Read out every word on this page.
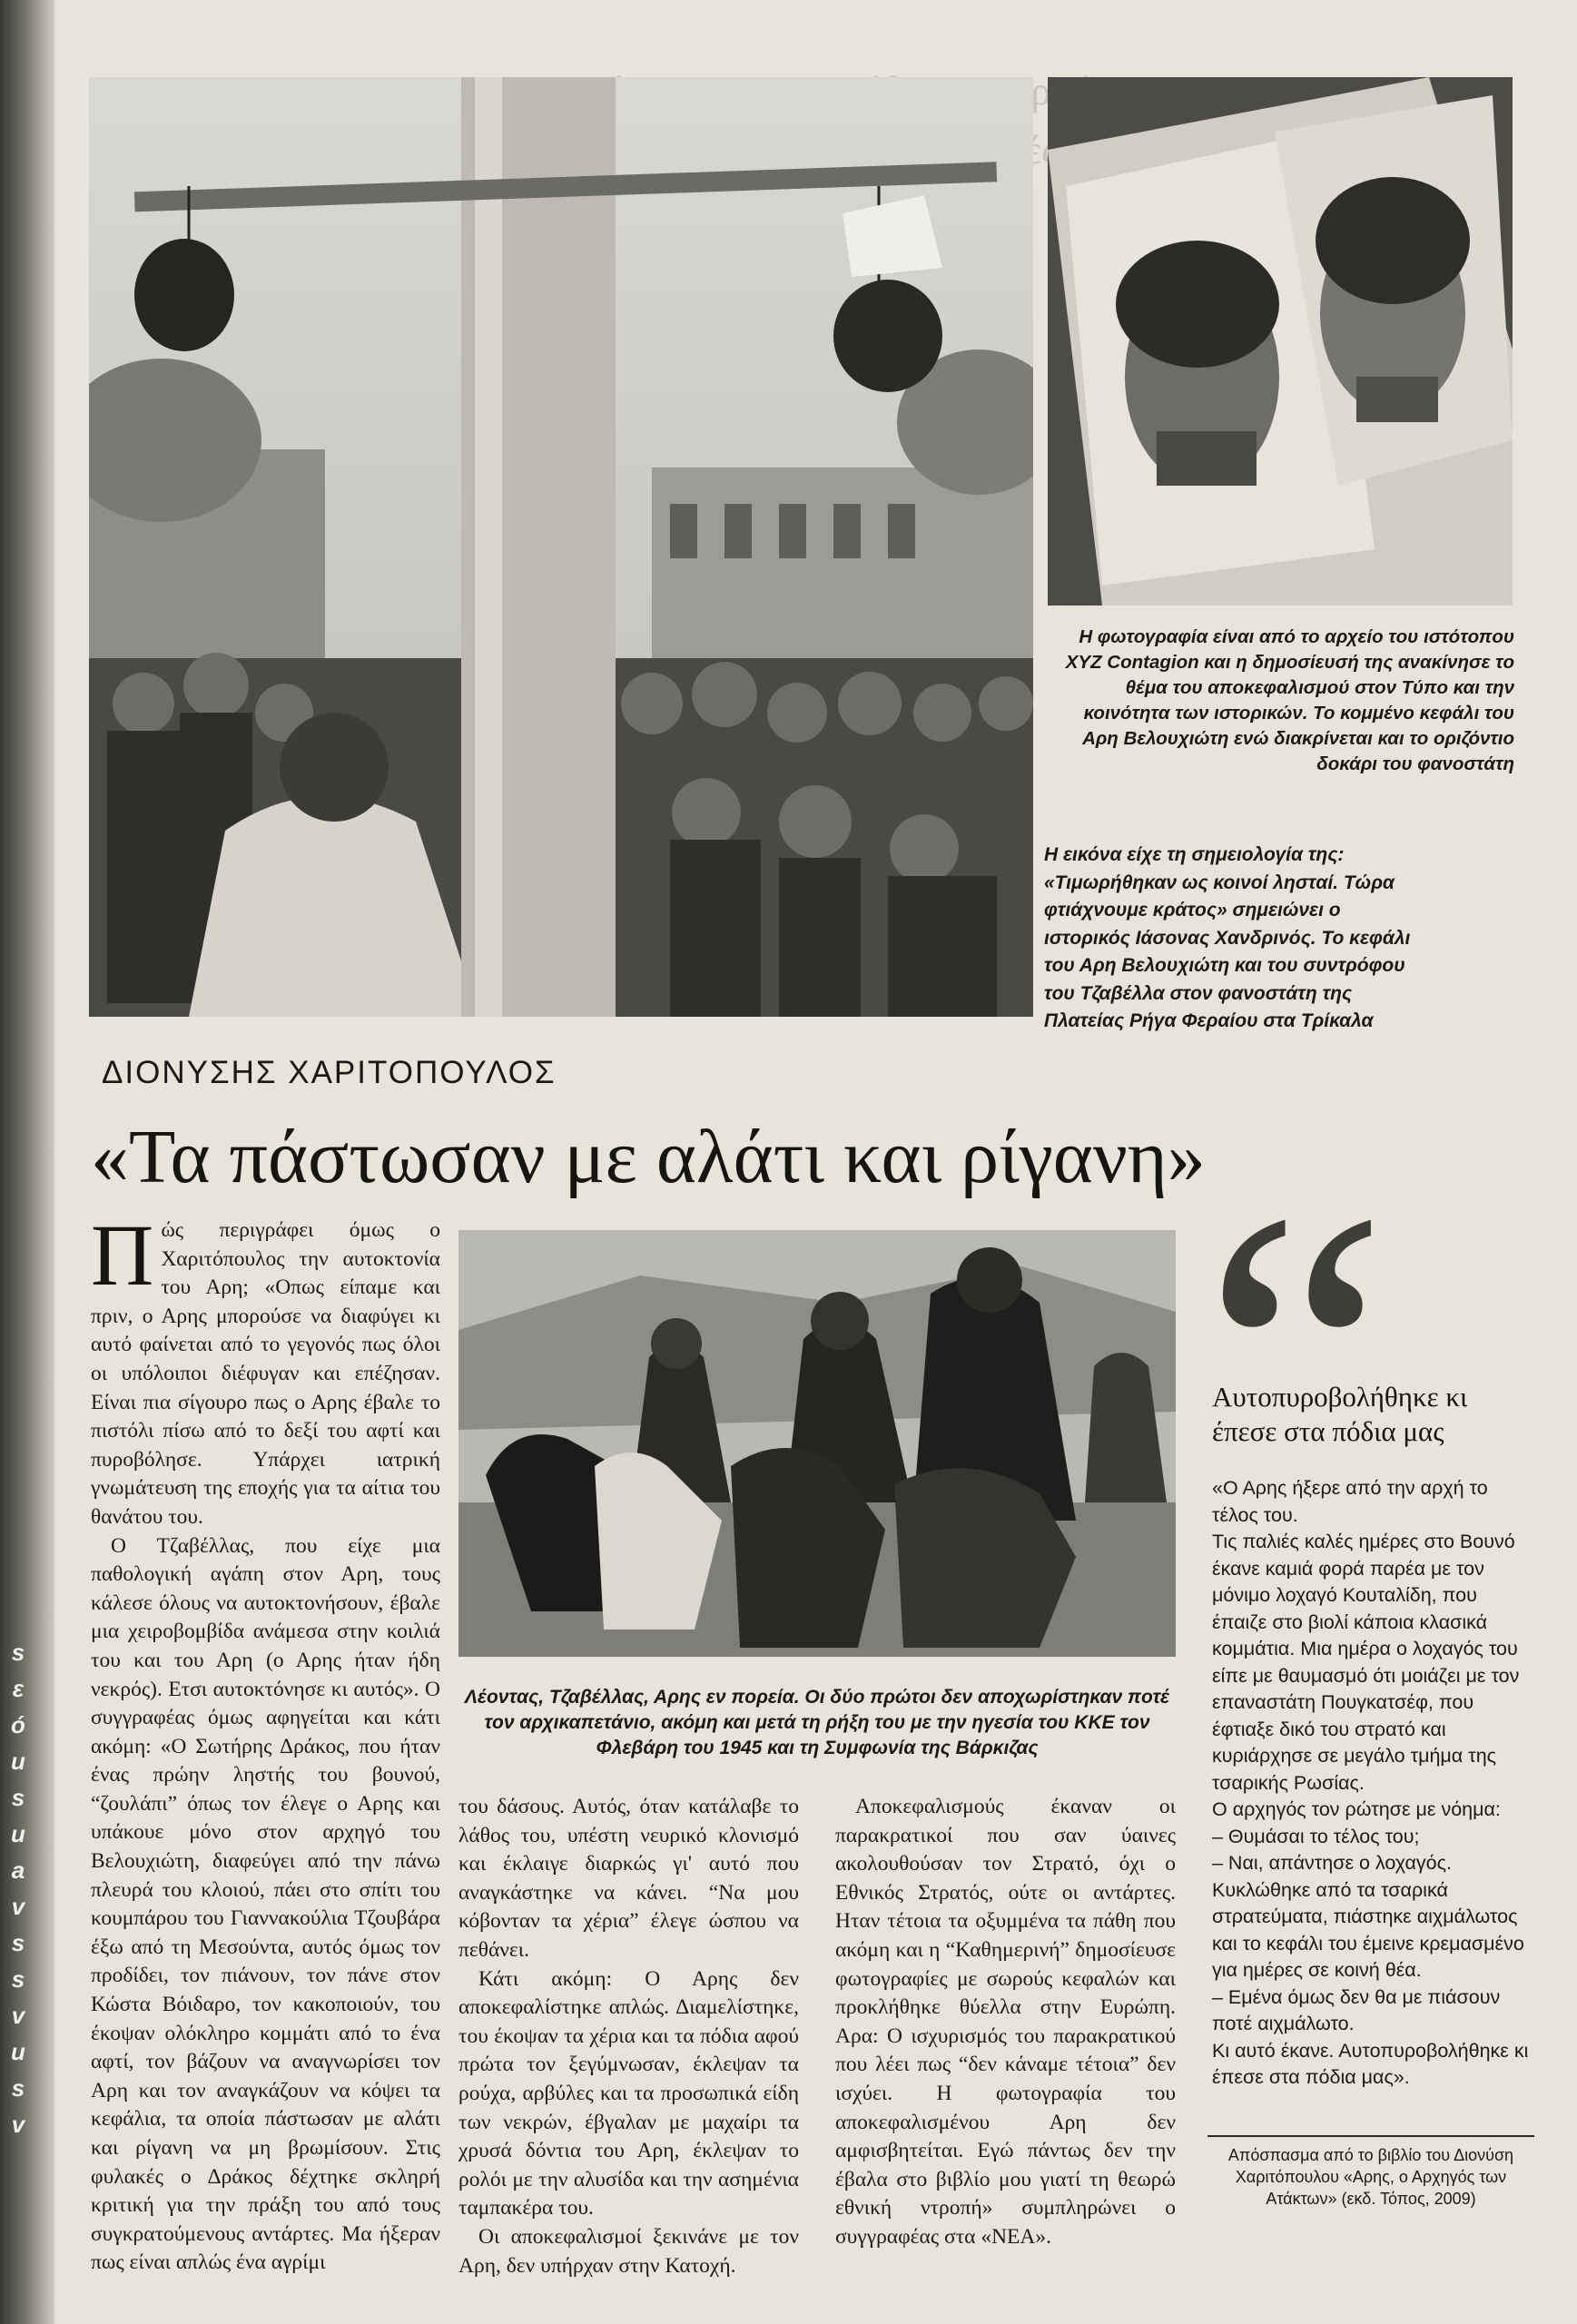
s
ε
ó
u
s
u
a
v
s
s
v
u
s
v
Η φωτογραφία είναι από το αρχείο του ιστότοπου XYZ Contagion και η δημοσίευσή της ανακίνησε το θέμα του αποκεφαλισμού στον Τύπο και την κοινότητα των ιστορικών. Το κομμένο κεφάλι του Αρη Βελουχιώτη ενώ διακρίνεται και το οριζόντιο δοκάρι του φανοστάτη
Η εικόνα είχε τη σημειολογία της: «Τιμωρήθηκαν ως κοινοί λησταί. Τώρα φτιάχνουμε κράτος» σημειώνει ο ιστορικός Ιάσονας Χανδρινός. Το κεφάλι του Αρη Βελουχιώτη και του συντρόφου του Τζαβέλλα στον φανοστάτη της Πλατείας Ρήγα Φεραίου στα Τρίκαλα
ΔΙΟΝΥΣΗΣ ΧΑΡΙΤΟΠΟΥΛΟΣ
«Τα πάστωσαν με αλάτι και ρίγανη»
Λέοντας, Τζαβέλλας, Αρης εν πορεία. Οι δύο πρώτοι δεν αποχωρίστηκαν ποτέ τον αρχικαπετάνιο, ακόμη και μετά τη ρήξη του με την ηγεσία του ΚΚΕ τον Φλεβάρη του 1945 και τη Συμφωνία της Βάρκιζας

Πώς περιγράφει όμως ο Χαριτόπουλος την αυτοκτονία του Αρη; «Οπως είπαμε και πριν, ο Αρης μπορούσε να διαφύγει κι αυτό φαίνεται από το γεγονός πως όλοι οι υπόλοιποι διέφυγαν και επέζησαν. Είναι πια σίγουρο πως ο Αρης έβαλε το πιστόλι πίσω από το δεξί του αφτί και πυροβόλησε. Υπάρχει ιατρική γνωμάτευση της εποχής για τα αίτια του θανάτου του.

Ο Τζαβέλλας, που είχε μια παθολογική αγάπη στον Αρη, τους κάλεσε όλους να αυτοκτονήσουν, έβαλε μια χειροβομβίδα ανάμεσα στην κοιλιά του και του Αρη (ο Αρης ήταν ήδη νεκρός). Ετσι αυτοκτόνησε κι αυτός». Ο συγγραφέας όμως αφηγείται και κάτι ακόμη: «Ο Σωτήρης Δράκος, που ήταν ένας πρώην ληστής του βουνού, “ζουλάπι” όπως τον έλεγε ο Αρης και υπάκουε μόνο στον αρχηγό του Βελουχιώτη, διαφεύγει από την πάνω πλευρά του κλοιού, πάει στο σπίτι του κουμπάρου του Γιαννακούλια Τζουβάρα έξω από τη Μεσούντα, αυτός όμως τον προδίδει, τον πιάνουν, τον πάνε στον Κώστα Βόιδαρο, τον κακοποιούν, του έκοψαν ολόκληρο κομμάτι από το ένα αφτί, τον βάζουν να αναγνωρίσει τον Αρη και τον αναγκάζουν να κόψει τα κεφάλια, τα οποία πάστωσαν με αλάτι και ρίγανη να μη βρωμίσουν. Στις φυλακές ο Δράκος δέχτηκε σκληρή κριτική για την πράξη του από τους συγκρατούμενους αντάρτες. Μα ήξεραν πως είναι απλώς ένα αγρίμι

του δάσους. Αυτός, όταν κατάλαβε το λάθος του, υπέστη νευρικό κλονισμό και έκλαιγε διαρκώς γι' αυτό που αναγκάστηκε να κάνει. “Να μου κόβονταν τα χέρια” έλεγε ώσπου να πεθάνει.

Κάτι ακόμη: Ο Αρης δεν αποκεφαλίστηκε απλώς. Διαμελίστηκε, του έκοψαν τα χέρια και τα πόδια αφού πρώτα τον ξεγύμνωσαν, έκλεψαν τα ρούχα, αρβύλες και τα προσωπικά είδη των νεκρών, έβγαλαν με μαχαίρι τα χρυσά δόντια του Αρη, έκλεψαν το ρολόι με την αλυσίδα και την ασημένια ταμπακέρα του.

Οι αποκεφαλισμοί ξεκινάνε με τον Αρη, δεν υπήρχαν στην Κατοχή.

Αποκεφαλισμούς έκαναν οι παρακρατικοί που σαν ύαινες ακολουθούσαν τον Στρατό, όχι ο Εθνικός Στρατός, ούτε οι αντάρτες. Ηταν τέτοια τα οξυμμένα τα πάθη που ακόμη και η “Καθημερινή” δημοσίευσε φωτογραφίες με σωρούς κεφαλών και προκλήθηκε θύελλα στην Ευρώπη. Αρα: Ο ισχυρισμός του παρακρατικού που λέει πως “δεν κάναμε τέτοια” δεν ισχύει. Η φωτογραφία του αποκεφαλισμένου Αρη δεν αμφισβητείται. Εγώ πάντως δεν την έβαλα στο βιβλίο μου γιατί τη θεωρώ εθνική ντροπή» συμπληρώνει ο συγγραφέας στα «ΝΕΑ».

Αυτοπυροβολήθηκε κι έπεσε στα πόδια μας

«Ο Αρης ήξερε από την αρχή το τέλος του.

Τις παλιές καλές ημέρες στο Βουνό έκανε καμιά φορά παρέα με τον μόνιμο λοχαγό Κουταλίδη, που έπαιζε στο βιολί κάποια κλασικά κομμάτια. Μια ημέρα ο λοχαγός του είπε με θαυμασμό ότι μοιάζει με τον επαναστάτη Πουγκατσέφ, που έφτιαξε δικό του στρατό και κυριάρχησε σε μεγάλο τμήμα της τσαρικής Ρωσίας.

Ο αρχηγός τον ρώτησε με νόημα:

– Θυμάσαι το τέλος του;

– Ναι, απάντησε ο λοχαγός. Κυκλώθηκε από τα τσαρικά στρατεύματα, πιάστηκε αιχμάλωτος και το κεφάλι του έμεινε κρεμασμένο για ημέρες σε κοινή θέα.

– Εμένα όμως δεν θα με πιάσουν ποτέ αιχμάλωτο.

Κι αυτό έκανε. Αυτοπυροβολήθηκε κι έπεσε στα πόδια μας».

Απόσπασμα από το βιβλίο του Διονύση Χαριτόπουλου «Αρης, ο Αρχηγός των Ατάκτων» (εκδ. Τόπος, 2009)
